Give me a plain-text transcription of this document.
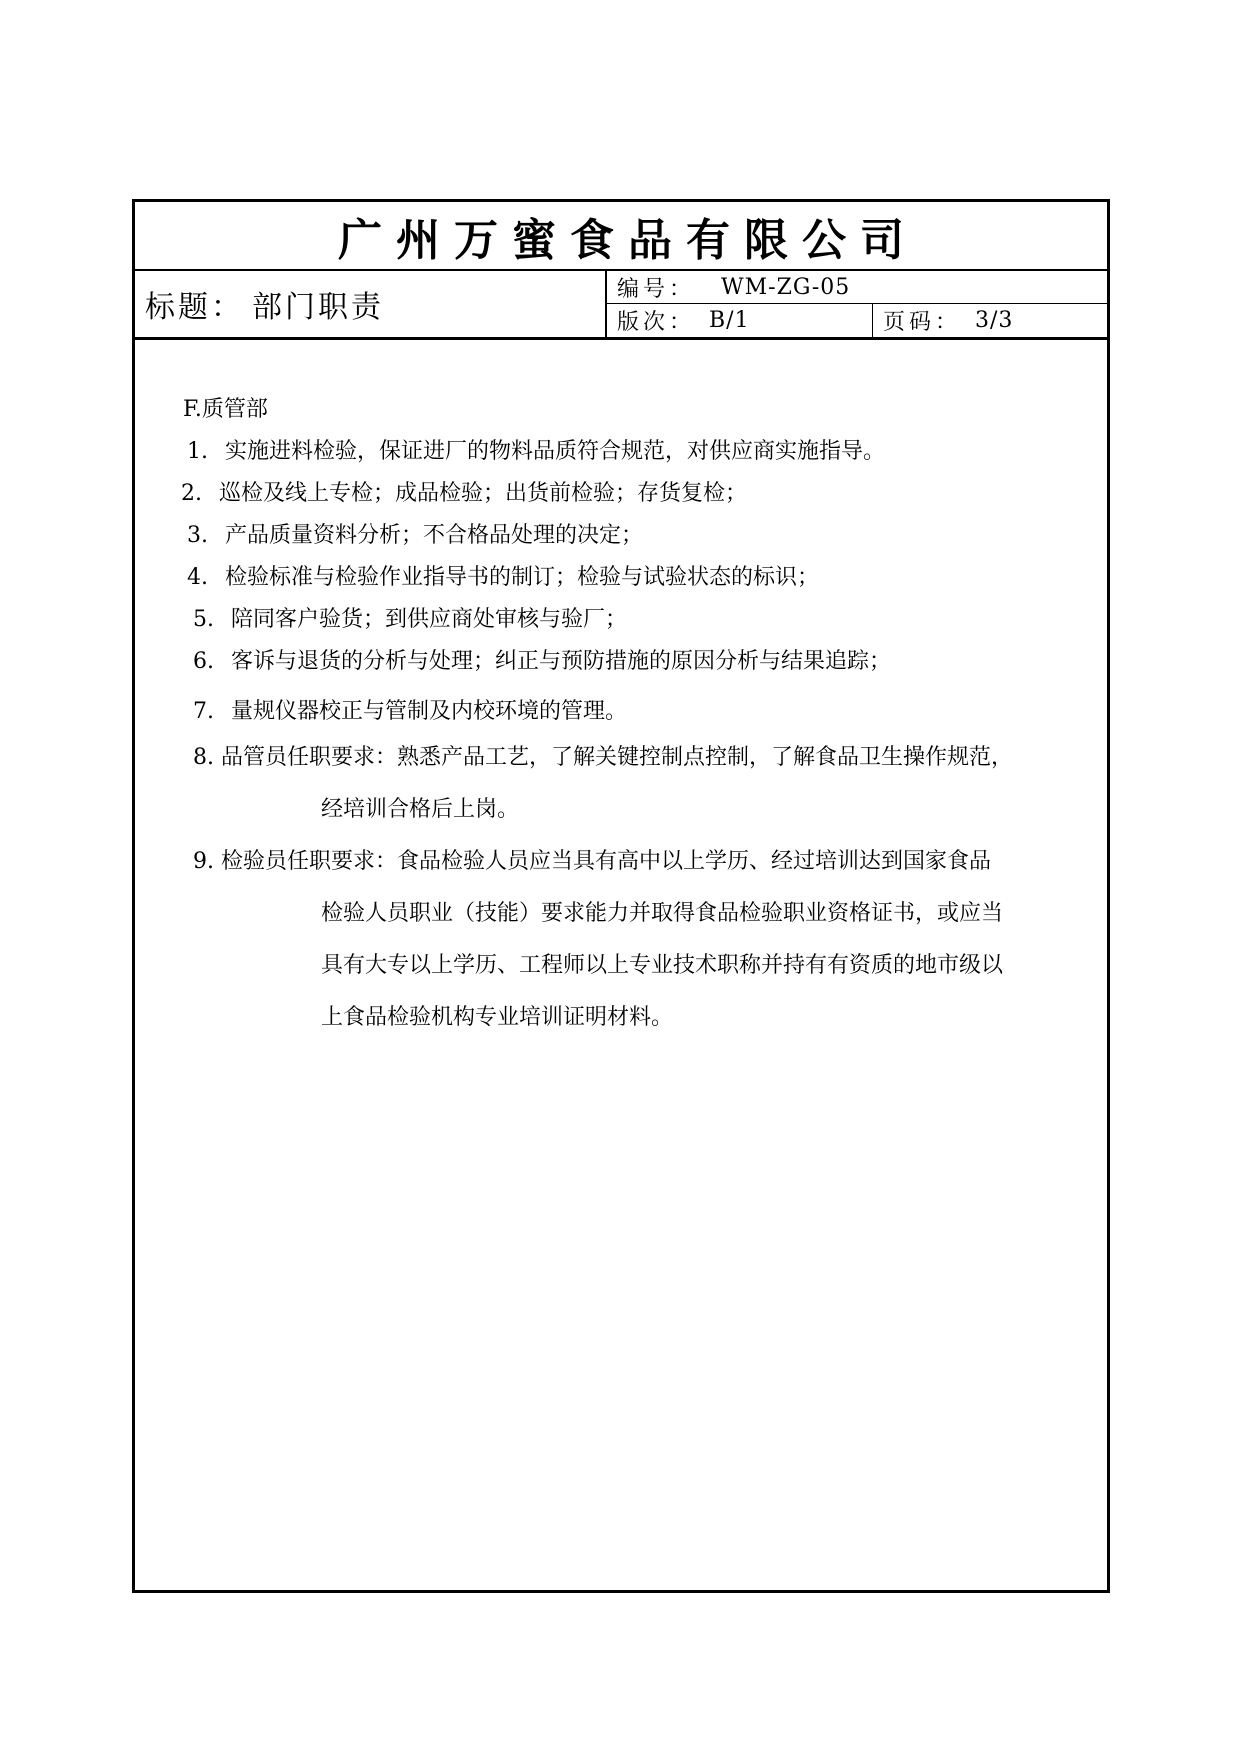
广州万蜜食品有限公司
标题： 部门职责
编号： WM-ZG-05
版次： B/1	页码： 3/3
F.质管部
1. 实施进料检验，保证进厂的物料品质符合规范，对供应商实施指导。
2. 巡检及线上专检；成品检验；出货前检验；存货复检；
3. 产品质量资料分析；不合格品处理的决定；
4. 检验标准与检验作业指导书的制订；检验与试验状态的标识；
5. 陪同客户验货；到供应商处审核与验厂；
6. 客诉与退货的分析与处理；纠正与预防措施的原因分析与结果追踪；
7. 量规仪器校正与管制及内校环境的管理。
8. 品管员任职要求：熟悉产品工艺，了解关键控制点控制，了解食品卫生操作规范，
经培训合格后上岗。
9. 检验员任职要求：食品检验人员应当具有高中以上学历、经过培训达到国家食品
检验人员职业（技能）要求能力并取得食品检验职业资格证书，或应当
具有大专以上学历、工程师以上专业技术职称并持有有资质的地市级以
上食品检验机构专业培训证明材料。
